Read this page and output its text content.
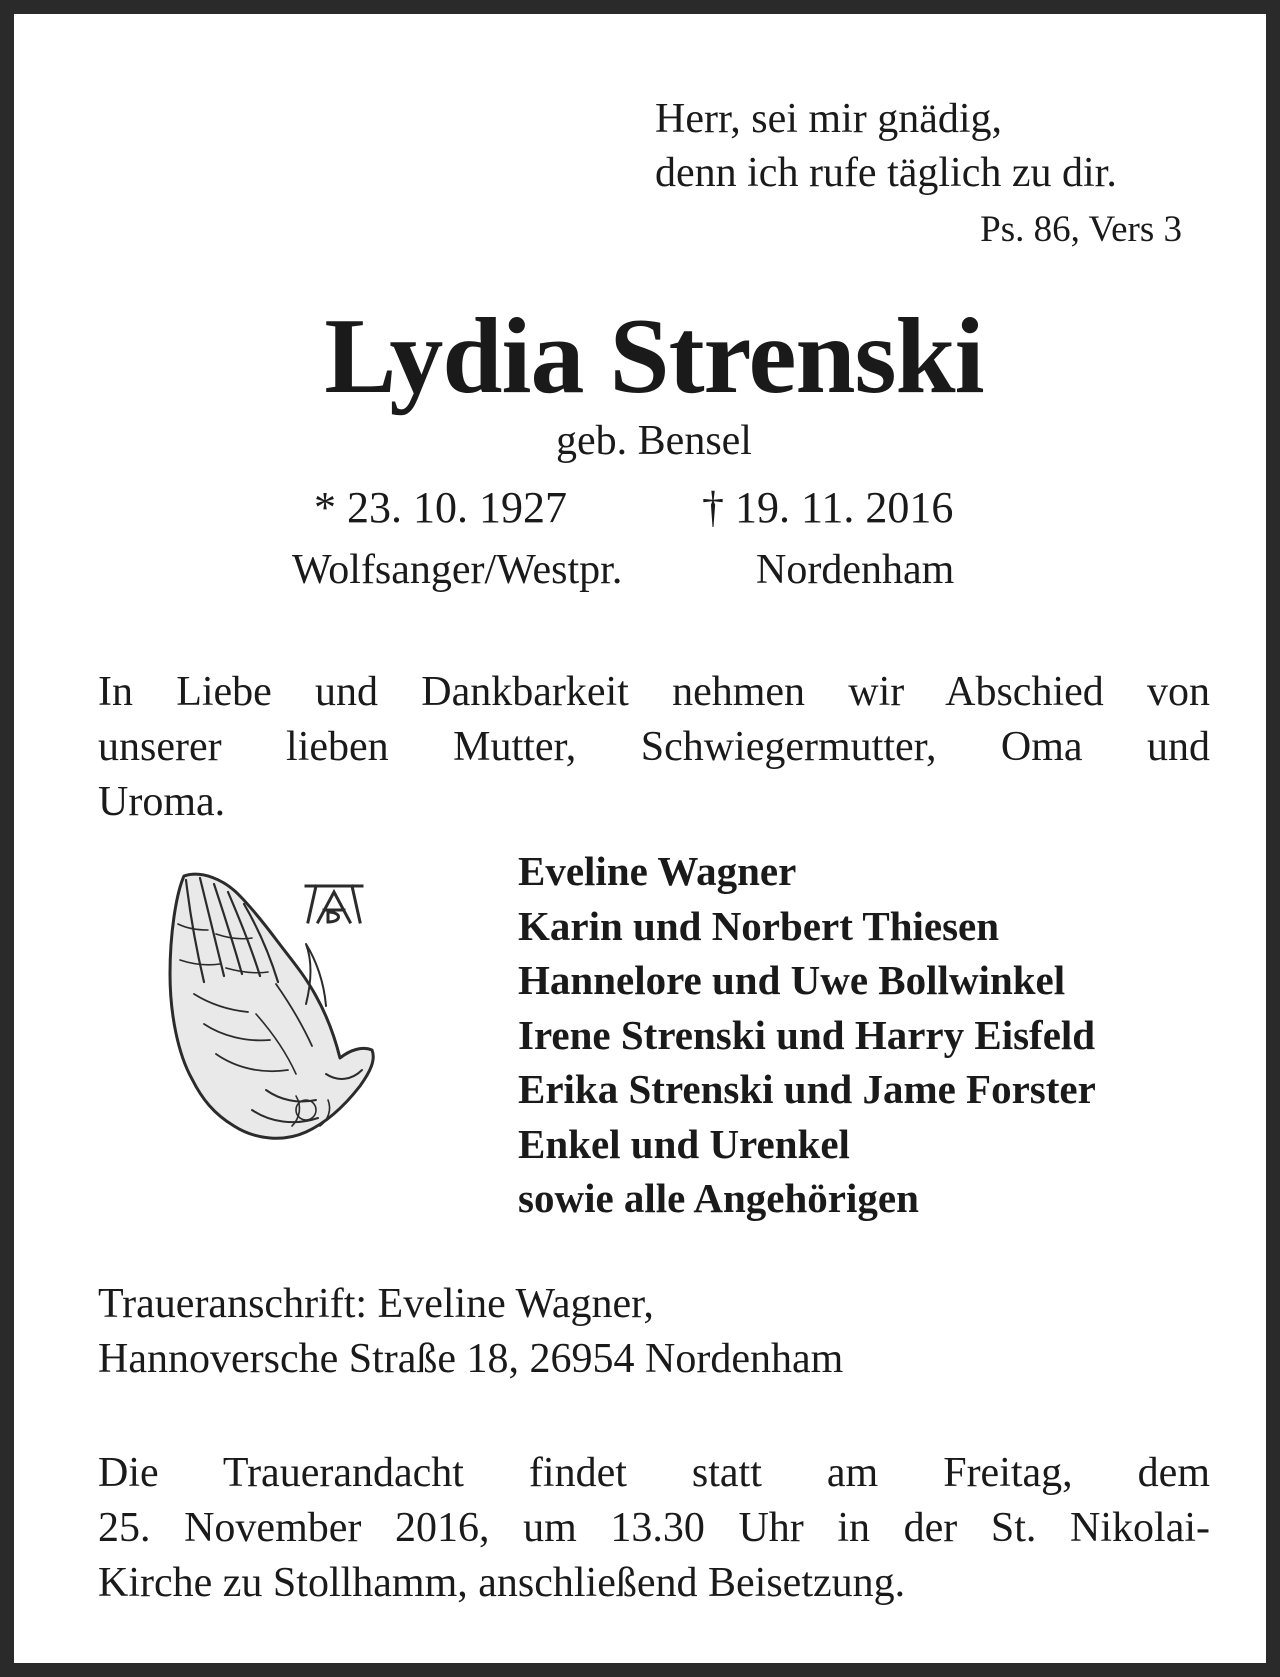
Herr, sei mir gnädig,
denn ich rufe täglich zu dir.
Ps. 86, Vers 3
Lydia Strenski
geb. Bensel
* 23. 10. 1927	† 19. 11. 2016
Wolfsanger/Westpr.	Nordenham
In Liebe und Dankbarkeit nehmen wir Abschied von
unserer lieben Mutter, Schwiegermutter, Oma und
Uroma.
Eveline Wagner
Karin und Norbert Thiesen
Hannelore und Uwe Bollwinkel
Irene Strenski und Harry Eisfeld
Erika Strenski und Jame Forster
Enkel und Urenkel
sowie alle Angehörigen
Traueranschrift: Eveline Wagner,
Hannoversche Straße 18, 26954 Nordenham
Die Trauerandacht findet statt am Freitag, dem
25. November 2016, um 13.30 Uhr in der St. Nikolai-
Kirche zu Stollhamm, anschließend Beisetzung.
